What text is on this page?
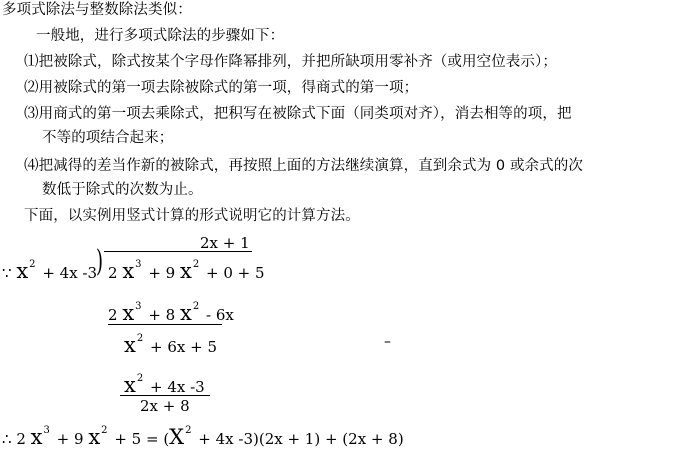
多项式除法与整数除法类似：
一般地，进行多项式除法的步骤如下：
⑴把被除式，除式按某个字母作降幂排列，并把所缺项用零补齐（或用空位表示）；
⑵用被除式的第一项去除被除式的第一项，得商式的第一项；
⑶用商式的第一项去乘除式，把积写在被除式下面（同类项对齐），消去相等的项，把
不等的项结合起来；
⑷把减得的差当作新的被除式，再按照上面的方法继续演算，直到余式为 0 或余式的次
数低于除式的次数为止。
下面，以实例用竖式计算的形式说明它的计算方法。
2x + 1
)
∵ $x^2 + 4x$ -3 2 $x^3 + 9$ $x^2 + 0 + 5$
2 $x^3 + 8$ $x^2 - 6x$
$x^2 + 6x + 5$	–
$x^2 + 4x$ -3
2x + 8
∴ 2 $x^3 + 9$ $x^2 + 5 = (X^2 + 4x$ -3)(2x + 1) + (2x + 8)
